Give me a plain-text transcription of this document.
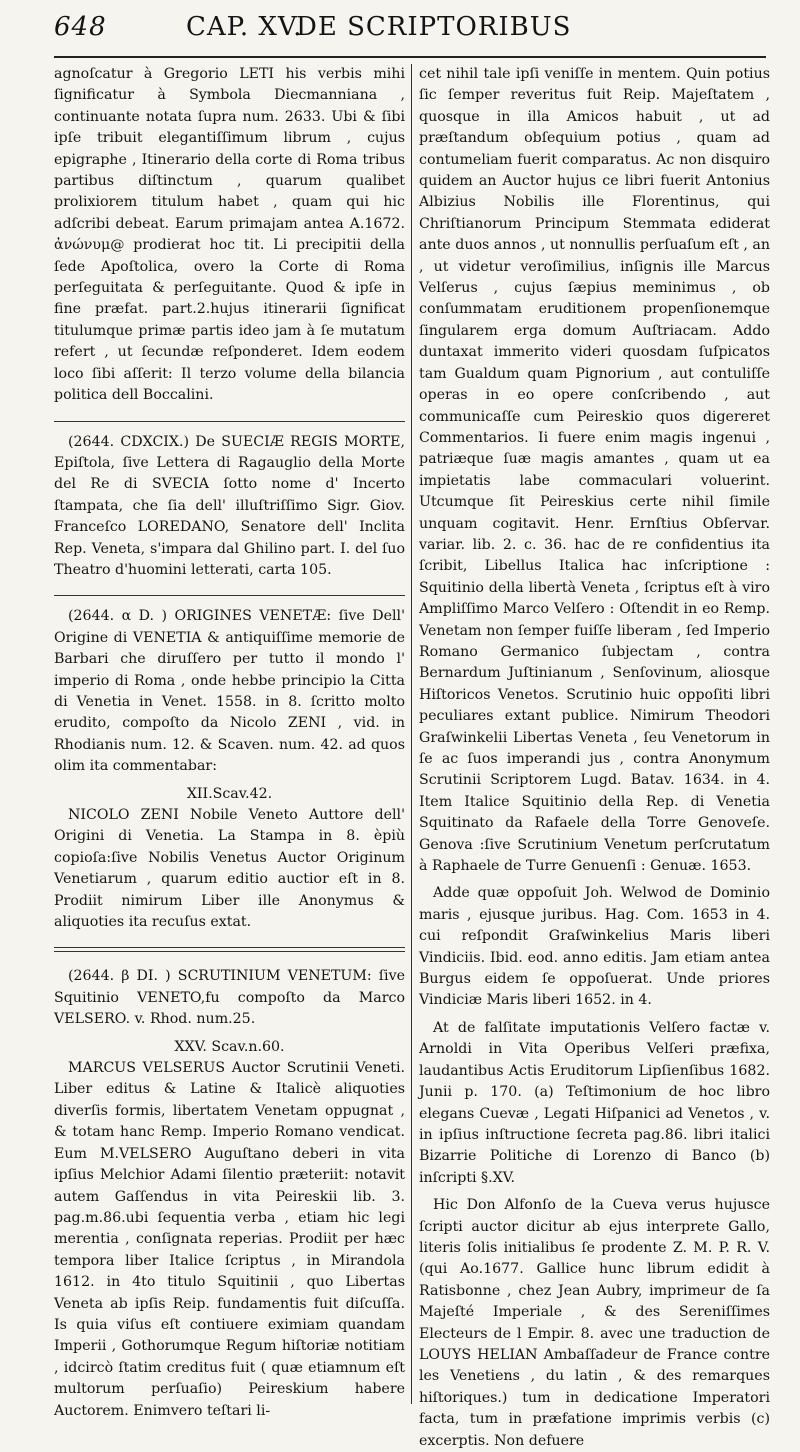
648	CAP. XV.
DE SCRIPTORIBUS

agnoſcatur à Gregorio LETI his verbis mihi ſignificatur à Symbola Diecmanniana , continuante notata ſupra num. 2633. Ubi & ſibi ipſe tribuit elegantiſſimum librum , cujus epigraphe , Itinerario della corte di Roma tribus partibus diſtinctum , quarum qualibet prolixiorem titulum habet , quam qui hic adſcribi debeat. Earum primajam antea A.1672. ἀνώνυμ@ prodierat hoc tit. Li precipitii della ſede Apoſtolica, overo la Corte di Roma perſeguitata & perſeguitante. Quod & ipſe in fine præfat. part.2.hujus itinerarii ſignificat titulumque primæ partis ideo jam à ſe mutatum refert , ut ſecundæ reſponderet. Idem eodem loco ſibi aſſerit: Il terzo volume della bilancia politica dell Boccalini.

(2644. CDXCIX.) De SUECIÆ REGIS MORTE, Epiſtola, ſive Lettera di Ragauglio della Morte del Re di SVECIA ſotto nome d' Incerto ſtampata, che ſia dell' illuſtriſſimo Sigr. Giov. Franceſco LOREDANO, Senatore dell' Inclita Rep. Veneta, s'impara dal Ghilino part. I. del ſuo Theatro d'huomini letterati, carta 105.

(2644. α D. ) ORIGINES VENETÆ: ſive Dell' Origine di VENETIA & antiquiſſime memorie de Barbari che diruſſero per tutto il mondo l' imperio di Roma , onde hebbe principio la Citta di Venetia in Venet. 1558. in 8. ſcritto molto erudito, compoſto da Nicolo ZENI , vid. in Rhodianis num. 12. & Scaven. num. 42. ad quos olim ita commentabar:

XII.Scav.42.

NICOLO ZENI Nobile Veneto Auttore dell' Origini di Venetia. La Stampa in 8. èpiù copioſa:ſive Nobilis Venetus Auctor Originum Venetiarum , quarum editio auctior eſt in 8. Prodiit nimirum Liber ille Anonymus & aliquoties ita recuſus extat.

(2644. β DI. ) SCRUTINIUM VENETUM: ſive Squitinio VENETO,fu compoſto da Marco VELSERO. v. Rhod. num.25.

XXV. Scav.n.60.

MARCUS VELSERUS Auctor Scrutinii Veneti. Liber editus & Latine & Italicè aliquoties diverſis formis, libertatem Venetam oppugnat , & totam hanc Remp. Imperio Romano vendicat. Eum M.VELSERO Auguſtano deberi in vita ipſius Melchior Adami ſilentio præteriit: notavit autem Gaſſendus in vita Peireskii lib. 3. pag.m.86.ubi ſequentia verba , etiam hic legi merentia , conſignata reperias. Prodiit per hæc tempora liber Italice ſcriptus , in Mirandola 1612. in 4to titulo Squitinii , quo Libertas Veneta ab ipſis Reip. fundamentis fuit diſcuſſa. Is quia viſus eſt contiuere eximiam quandam Imperii , Gothorumque Regum hiſtoriæ notitiam , idcircò ſtatim creditus fuit ( quæ etiamnum eſt multorum perſuaſio) Peireskium habere Auctorem. Enimvero teſtari li-

cet nihil tale ipſi veniſſe in mentem. Quin potius ſic ſemper reveritus fuit Reip. Majeſtatem , quosque in illa Amicos habuit , ut ad præſtandum obſequium potius , quam ad contumeliam fuerit comparatus. Ac non disquiro quidem an Auctor hujus ce libri fuerit Antonius Albizius Nobilis ille Florentinus, qui Chriſtianorum Principum Stemmata ediderat ante duos annos , ut nonnullis perſuaſum eſt , an , ut videtur veroſimilius, inſignis ille Marcus Velſerus , cujus ſæpius meminimus , ob conſummatam eruditionem propenſionemque ſingularem erga domum Auſtriacam. Addo duntaxat immerito videri quosdam ſuſpicatos tam Gualdum quam Pignorium , aut contuliſſe operas in eo opere conſcribendo , aut communicaſſe cum Peireskio quos digereret Commentarios. Ii fuere enim magis ingenui , patriæque ſuæ magis amantes , quam ut ea impietatis labe commaculari voluerint. Utcumque ſit Peireskius certe nihil ſimile unquam cogitavit. Henr. Ernſtius Obſervar. variar. lib. 2. c. 36. hac de re confidentius ita ſcribit, Libellus Italica hac inſcriptione : Squitinio della libertà Veneta , ſcriptus eſt à viro Ampliſſimo Marco Velſero : Oſtendit in eo Remp. Venetam non ſemper fuiſſe liberam , ſed Imperio Romano Germanico ſubjectam , contra Bernardum Juſtinianum , Senſovinum, aliosque Hiſtoricos Venetos. Scrutinio huic oppoſiti libri peculiares extant publice. Nimirum Theodori Graſwinkelii Libertas Veneta , ſeu Venetorum in ſe ac ſuos imperandi jus , contra Anonymum Scrutinii Scriptorem Lugd. Batav. 1634. in 4. Item Italice Squitinio della Rep. di Venetia Squitinato da Rafaele della Torre Genoveſe. Genova :ſive Scrutinium Venetum perſcrutatum à Raphaele de Turre Genuenſi : Genuæ. 1653.

Adde quæ oppoſuit Joh. Welwod de Dominio maris , ejusque juribus. Hag. Com. 1653 in 4. cui reſpondit Graſwinkelius Maris liberi Vindiciis. Ibid. eod. anno editis. Jam etiam antea Burgus eidem ſe oppoſuerat. Unde priores Vindiciæ Maris liberi 1652. in 4.

At de falſitate imputationis Velſero factæ v. Arnoldi in Vita Operibus Velſeri præfixa, laudantibus Actis Eruditorum Lipſienſibus 1682. Junii p. 170. (a) Teſtimonium de hoc libro elegans Cuevæ , Legati Hiſpanici ad Venetos , v. in ipſius inſtructione ſecreta pag.86. libri italici Bizarrie Politiche di Lorenzo di Banco (b) inſcripti §.XV.

Hic Don Alfonſo de la Cueva verus hujusce ſcripti auctor dicitur ab ejus interprete Gallo, literis ſolis initialibus ſe prodente Z. M. P. R. V. (qui Ao.1677. Gallice hunc librum edidit à Ratisbonne , chez Jean Aubry, imprimeur de ſa Majeſté Imperiale , & des Sereniſſimes Electeurs de l Empir. 8. avec une traduction de LOUYS HELIAN Ambaſſadeur de France contre les Venetiens , du latin , & des remarques hiſtoriques.) tum in dedicatione Imperatori facta, tum in præfatione imprimis verbis (c) excerptis. Non defuere
